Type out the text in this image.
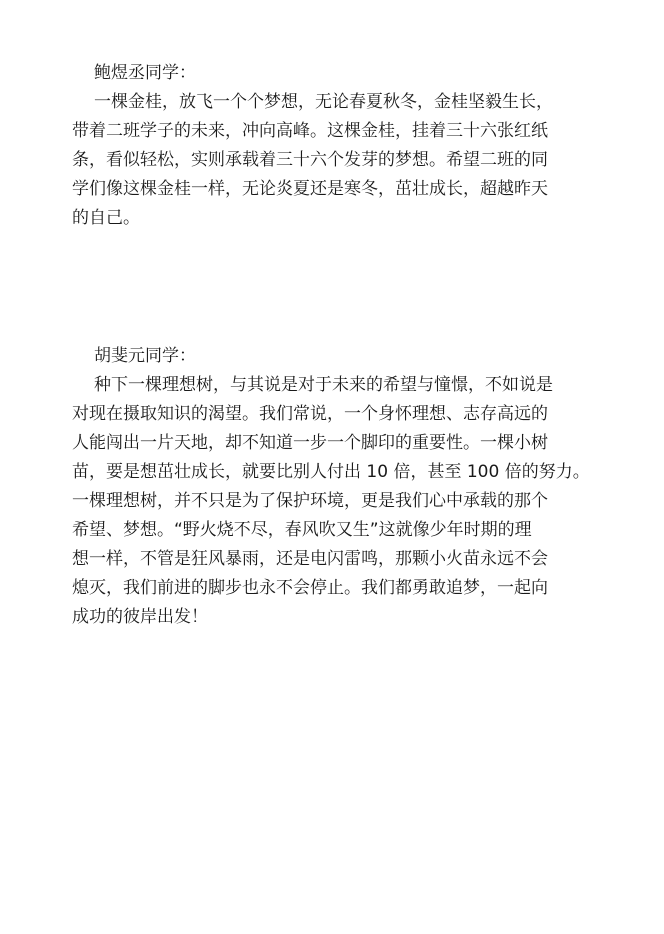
鲍煜丞同学：

一棵金桂，放飞一个个梦想，无论春夏秋冬，金桂坚毅生长，

带着二班学子的未来，冲向高峰。这棵金桂，挂着三十六张红纸

条，看似轻松，实则承载着三十六个发芽的梦想。希望二班的同

学们像这棵金桂一样，无论炎夏还是寒冬，茁壮成长，超越昨天

的自己。

胡斐元同学：

种下一棵理想树，与其说是对于未来的希望与憧憬，不如说是

对现在摄取知识的渴望。我们常说，一个身怀理想、志存高远的

人能闯出一片天地，却不知道一步一个脚印的重要性。一棵小树

苗，要是想茁壮成长，就要比别人付出 10 倍，甚至 100 倍的努力。

一棵理想树，并不只是为了保护环境，更是我们心中承载的那个

希望、梦想。“野火烧不尽，春风吹又生”这就像少年时期的理

想一样，不管是狂风暴雨，还是电闪雷鸣，那颗小火苗永远不会

熄灭，我们前进的脚步也永不会停止。我们都勇敢追梦，一起向

成功的彼岸出发！
